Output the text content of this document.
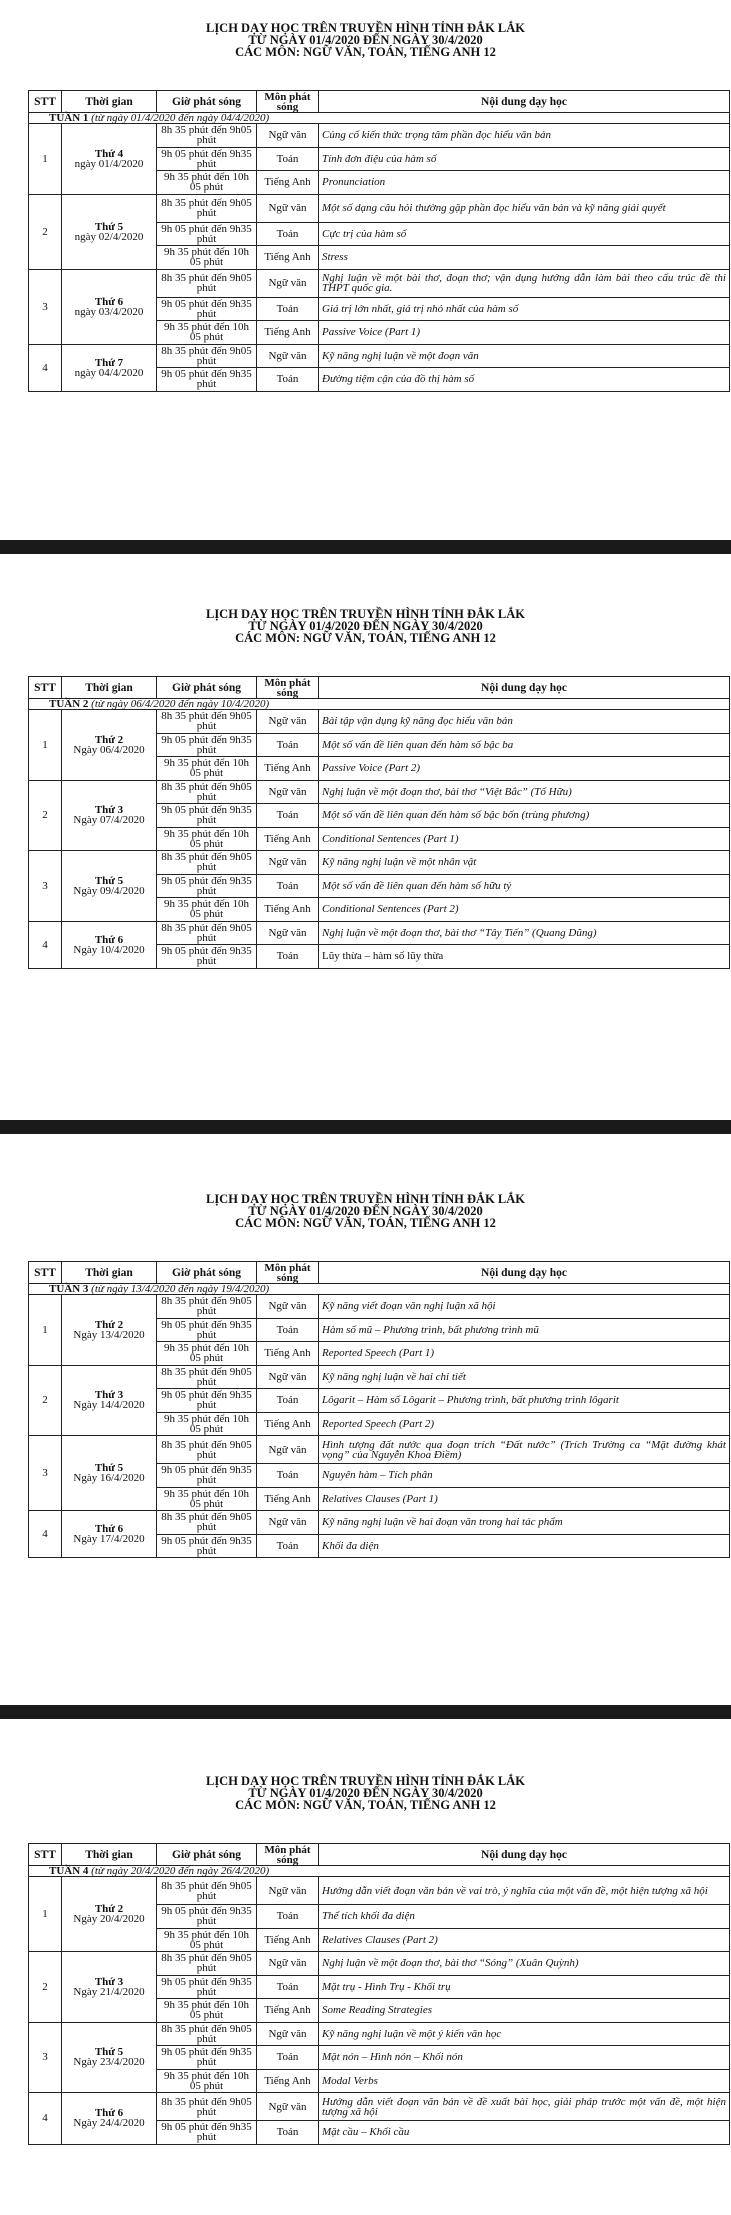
LỊCH DẠY HỌC TRÊN TRUYỀN HÌNH TỈNH ĐẮK LẮK
TỪ NGÀY 01/4/2020 ĐẾN NGÀY 30/4/2020
CÁC MÔN: NGỮ VĂN, TOÁN, TIẾNG ANH 12
STT	Thời gian	Giờ phát sóng	Môn phát
sóng	Nội dung dạy học
TUẦN 1 (từ ngày 01/4/2020 đến ngày 04/4/2020)				
1	Thứ 4
ngày 01/4/2020	8h 35 phút đến 9h05 phút	Ngữ văn	Củng cố kiến thức trọng tâm phần đọc hiểu văn bản
		9h 05 phút đến 9h35 phút	Toán	Tính đơn điệu của hàm số
		9h 35 phút đến 10h 05 phút	Tiếng Anh	Pronunciation
2	Thứ 5
ngày 02/4/2020	8h 35 phút đến 9h05 phút	Ngữ văn	Một số dạng câu hỏi thường gặp phần đọc hiểu văn bản và kỹ năng giải quyết
		9h 05 phút đến 9h35 phút	Toán	Cực trị của hàm số
		9h 35 phút đến 10h 05 phút	Tiếng Anh	Stress
3	Thứ 6
ngày 03/4/2020	8h 35 phút đến 9h05 phút	Ngữ văn	Nghị luận về một bài thơ, đoạn thơ; vận dụng hướng dẫn làm bài theo cấu trúc đề thi THPT quốc gia.
		9h 05 phút đến 9h35 phút	Toán	Giá trị lớn nhất, giá trị nhỏ nhất của hàm số
		9h 35 phút đến 10h 05 phút	Tiếng Anh	Passive Voice (Part 1)
4	Thứ 7
ngày 04/4/2020	8h 35 phút đến 9h05 phút	Ngữ văn	Kỹ năng nghị luận về một đoạn văn
		9h 05 phút đến 9h35 phút	Toán	Đường tiệm cận của đồ thị hàm số
LỊCH DẠY HỌC TRÊN TRUYỀN HÌNH TỈNH ĐẮK LẮK
TỪ NGÀY 01/4/2020 ĐẾN NGÀY 30/4/2020
CÁC MÔN: NGỮ VĂN, TOÁN, TIẾNG ANH 12
STT	Thời gian	Giờ phát sóng	Môn phát
sóng	Nội dung dạy học
TUẦN 2 (từ ngày 06/4/2020 đến ngày 10/4/2020)				
1	Thứ 2
Ngày 06/4/2020	8h 35 phút đến 9h05 phút	Ngữ văn	Bài tập vận dụng kỹ năng đọc hiểu văn bản
		9h 05 phút đến 9h35 phút	Toán	Một số vấn đề liên quan đến hàm số bậc ba
		9h 35 phút đến 10h 05 phút	Tiếng Anh	Passive Voice (Part 2)
2	Thứ 3
Ngày 07/4/2020	8h 35 phút đến 9h05 phút	Ngữ văn	Nghị luận về một đoạn thơ, bài thơ “Việt Bắc” (Tố Hữu)
		9h 05 phút đến 9h35 phút	Toán	Một số vấn đề liên quan đến hàm số bậc bốn (trùng phương)
		9h 35 phút đến 10h 05 phút	Tiếng Anh	Conditional Sentences (Part 1)
3	Thứ 5
Ngày 09/4/2020	8h 35 phút đến 9h05 phút	Ngữ văn	Kỹ năng nghị luận về một nhân vật
		9h 05 phút đến 9h35 phút	Toán	Một số vấn đề liên quan đến hàm số hữu tỷ
		9h 35 phút đến 10h 05 phút	Tiếng Anh	Conditional Sentences (Part 2)
4	Thứ 6
Ngày 10/4/2020	8h 35 phút đến 9h05 phút	Ngữ văn	Nghị luận về một đoạn thơ, bài thơ “Tây Tiến” (Quang Dũng)
		9h 05 phút đến 9h35 phút	Toán	Lũy thừa – hàm số lũy thừa
LỊCH DẠY HỌC TRÊN TRUYỀN HÌNH TỈNH ĐẮK LẮK
TỪ NGÀY 01/4/2020 ĐẾN NGÀY 30/4/2020
CÁC MÔN: NGỮ VĂN, TOÁN, TIẾNG ANH 12
STT	Thời gian	Giờ phát sóng	Môn phát
sóng	Nội dung dạy học
TUẦN 3 (từ ngày 13/4/2020 đến ngày 19/4/2020)				
1	Thứ 2
Ngày 13/4/2020	8h 35 phút đến 9h05 phút	Ngữ văn	Kỹ năng viết đoạn văn nghị luận xã hội
		9h 05 phút đến 9h35 phút	Toán	Hàm số mũ – Phương trình, bất phương trình mũ
		9h 35 phút đến 10h 05 phút	Tiếng Anh	Reported Speech (Part 1)
2	Thứ 3
Ngày 14/4/2020	8h 35 phút đến 9h05 phút	Ngữ văn	Kỹ năng nghị luận về hai chi tiết
		9h 05 phút đến 9h35 phút	Toán	Lôgarit – Hàm số Lôgarit – Phương trình, bất phương trình lôgarit
		9h 35 phút đến 10h 05 phút	Tiếng Anh	Reported Speech (Part 2)
3	Thứ 5
Ngày 16/4/2020	8h 35 phút đến 9h05 phút	Ngữ văn	Hình tượng đất nước qua đoạn trích “Đất nước” (Trích Trường ca “Mặt đường khát vọng” của Nguyễn Khoa Điềm)
		9h 05 phút đến 9h35 phút	Toán	Nguyên hàm – Tích phân
		9h 35 phút đến 10h 05 phút	Tiếng Anh	Relatives Clauses (Part 1)
4	Thứ 6
Ngày 17/4/2020	8h 35 phút đến 9h05 phút	Ngữ văn	Kỹ năng nghị luận về hai đoạn văn trong hai tác phẩm
		9h 05 phút đến 9h35 phút	Toán	Khối đa diện
LỊCH DẠY HỌC TRÊN TRUYỀN HÌNH TỈNH ĐẮK LẮK
TỪ NGÀY 01/4/2020 ĐẾN NGÀY 30/4/2020
CÁC MÔN: NGỮ VĂN, TOÁN, TIẾNG ANH 12
STT	Thời gian	Giờ phát sóng	Môn phát
sóng	Nội dung dạy học
TUẦN 4 (từ ngày 20/4/2020 đến ngày 26/4/2020)				
1	Thứ 2
Ngày 20/4/2020	8h 35 phút đến 9h05 phút	Ngữ văn	Hướng dẫn viết đoạn văn bản về vai trò, ý nghĩa của một vấn đề, một hiện tượng xã hội
		9h 05 phút đến 9h35 phút	Toán	Thể tích khối đa diện
		9h 35 phút đến 10h 05 phút	Tiếng Anh	Relatives Clauses (Part 2)
2	Thứ 3
Ngày 21/4/2020	8h 35 phút đến 9h05 phút	Ngữ văn	Nghị luận về một đoạn thơ, bài thơ “Sóng” (Xuân Quỳnh)
		9h 05 phút đến 9h35 phút	Toán	Mặt trụ - Hình Trụ - Khối trụ
		9h 35 phút đến 10h 05 phút	Tiếng Anh	Some Reading Strategies
3	Thứ 5
Ngày 23/4/2020	8h 35 phút đến 9h05 phút	Ngữ văn	Kỹ năng nghị luận về một ý kiến văn học
		9h 05 phút đến 9h35 phút	Toán	Mặt nón – Hình nón – Khối nón
		9h 35 phút đến 10h 05 phút	Tiếng Anh	Modal Verbs
4	Thứ 6
Ngày 24/4/2020	8h 35 phút đến 9h05 phút	Ngữ văn	Hướng dẫn viết đoạn văn bản về đề xuất bài học, giải pháp trước một vấn đề, một hiện tượng xã hội
		9h 05 phút đến 9h35 phút	Toán	Mặt cầu – Khối cầu
